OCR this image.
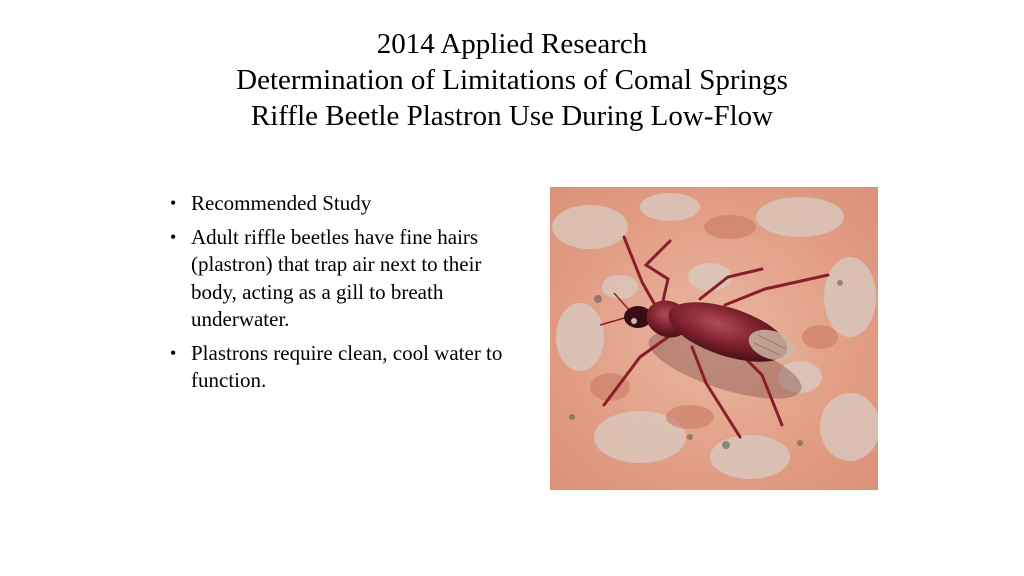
2014 Applied Research
Determination of Limitations of Comal Springs
Riffle Beetle Plastron Use During Low-Flow
• Recommended Study
• Adult riffle beetles have fine hairs (plastron) that trap air next to their body, acting as a gill to breath underwater.
• Plastrons require clean, cool water to function.
